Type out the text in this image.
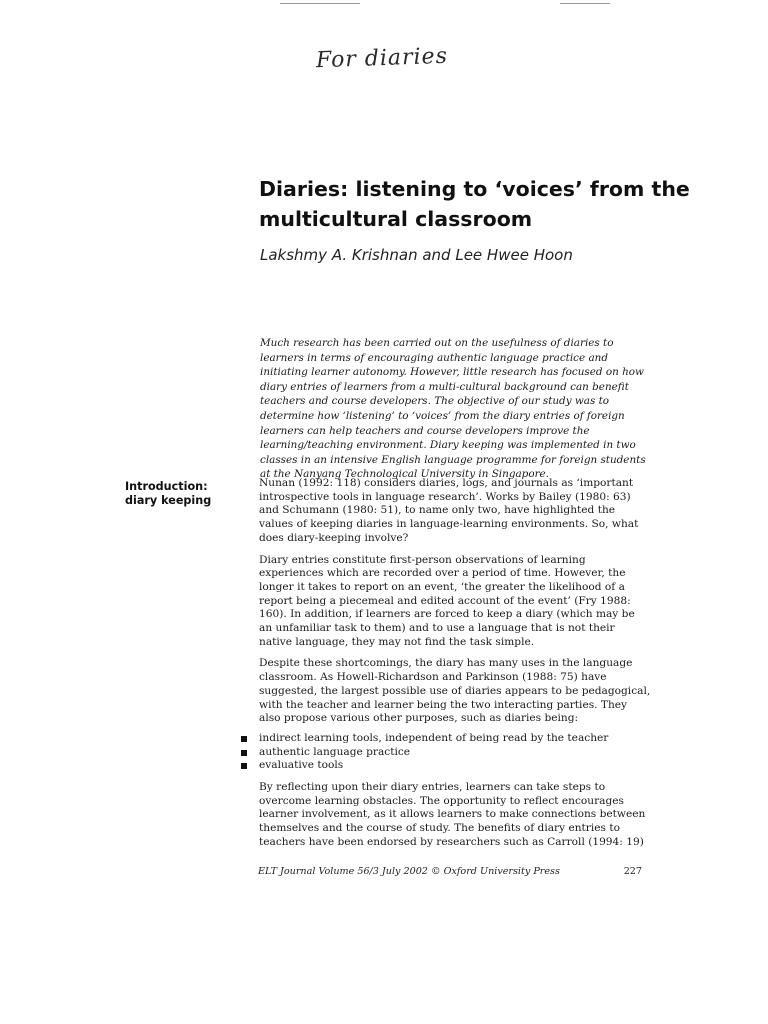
For diaries
Diaries: listening to ‘voices’ from the multicultural classroom
Lakshmy A. Krishnan and Lee Hwee Hoon
Much research has been carried out on the usefulness of diaries to learners in terms of encouraging authentic language practice and initiating learner autonomy. However, little research has focused on how diary entries of learners from a multi-cultural background can benefit teachers and course developers. The objective of our study was to determine how ‘listening’ to ‘voices’ from the diary entries of foreign learners can help teachers and course developers improve the learning/teaching environment. Diary keeping was implemented in two classes in an intensive English language programme for foreign students at the Nanyang Technological University in Singapore.
Introduction: diary keeping

Nunan (1992: 118) considers diaries, logs, and journals as ‘important introspective tools in language research’. Works by Bailey (1980: 63) and Schumann (1980: 51), to name only two, have highlighted the values of keeping diaries in language-learning environments. So, what does diary-keeping involve?

Diary entries constitute first-person observations of learning experiences which are recorded over a period of time. However, the longer it takes to report on an event, ‘the greater the likelihood of a report being a piecemeal and edited account of the event’ (Fry 1988: 160). In addition, if learners are forced to keep a diary (which may be an unfamiliar task to them) and to use a language that is not their native language, they may not find the task simple.

Despite these shortcomings, the diary has many uses in the language classroom. As Howell-Richardson and Parkinson (1988: 75) have suggested, the largest possible use of diaries appears to be pedagogical, with the teacher and learner being the two interacting parties. They also propose various other purposes, such as diaries being:

indirect learning tools, independent of being read by the teacher
authentic language practice
evaluative tools

By reflecting upon their diary entries, learners can take steps to overcome learning obstacles. The opportunity to reflect encourages learner involvement, as it allows learners to make connections between themselves and the course of study. The benefits of diary entries to teachers have been endorsed by researchers such as Carroll (1994: 19)

ELT Journal Volume 56/3 July 2002 © Oxford University Press	227
